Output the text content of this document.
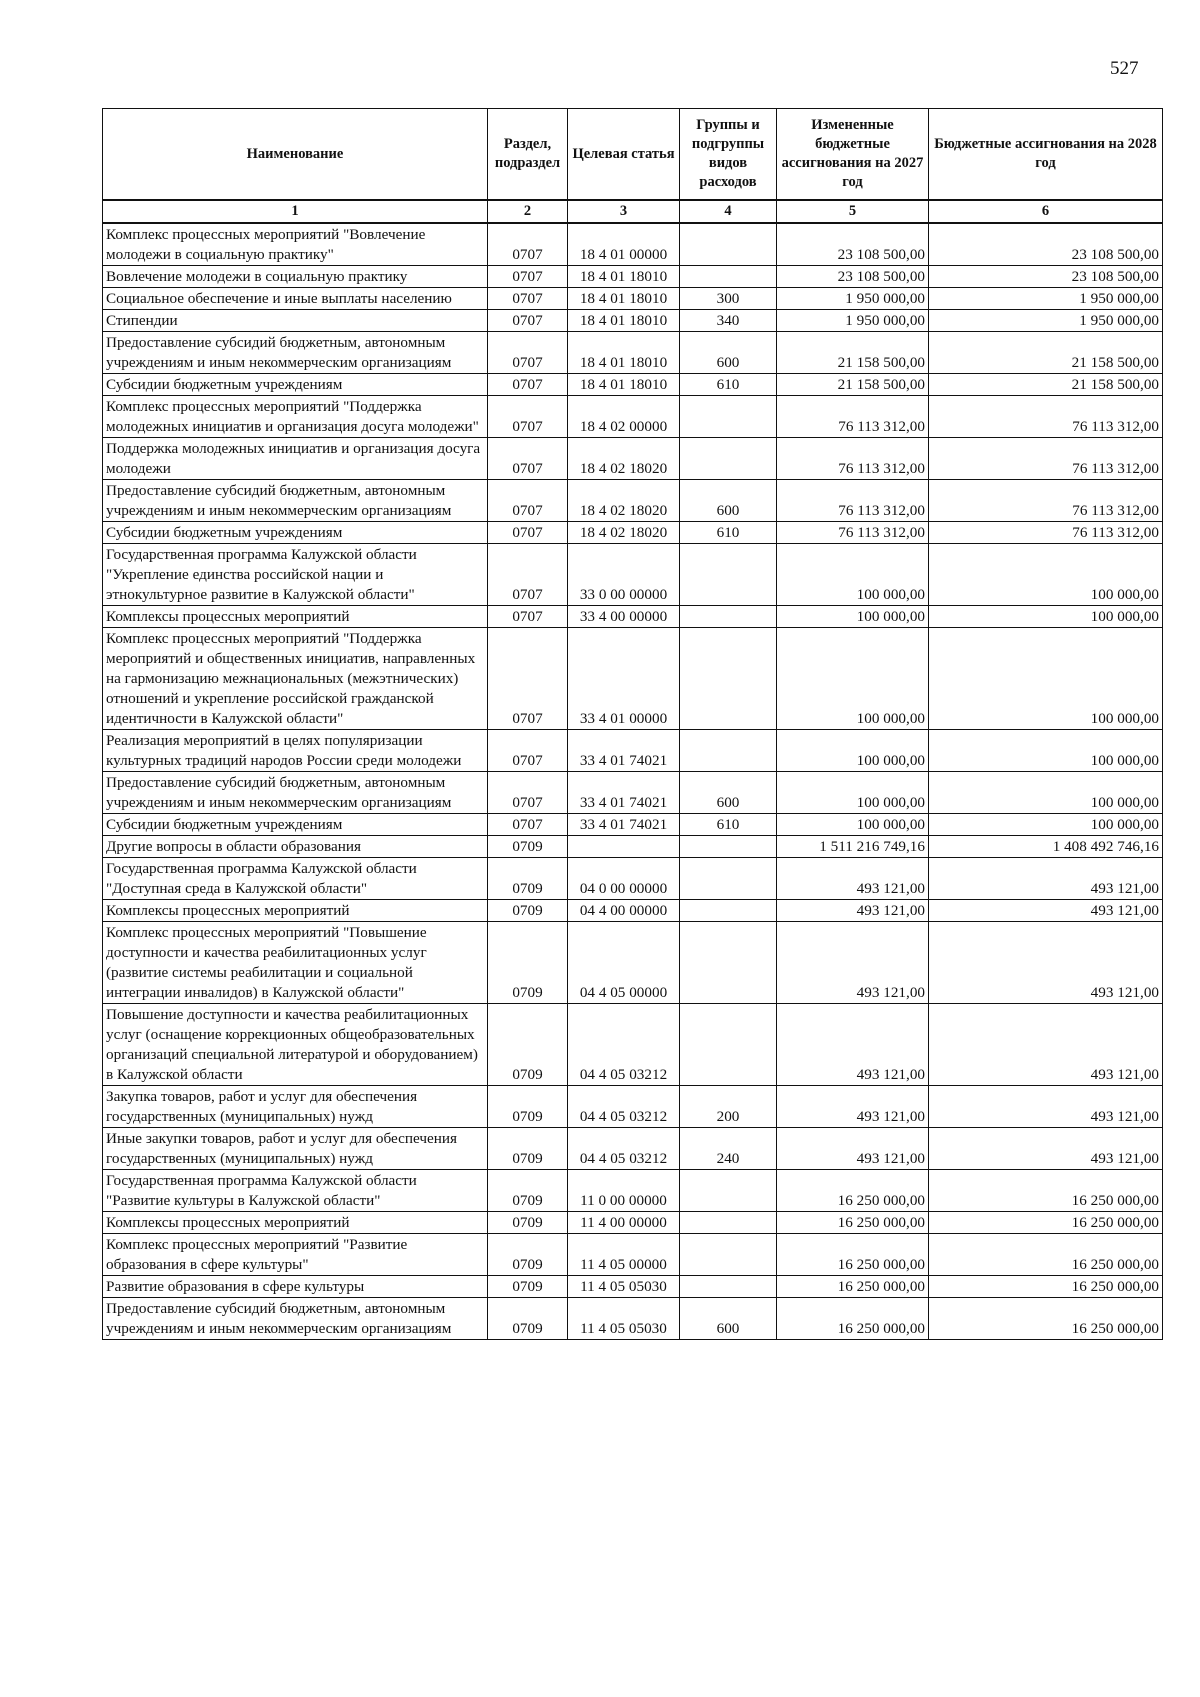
527
Наименование	Раздел, подраздел	Целевая статья	Группы и подгруппы видов расходов	Измененные бюджетные ассигнования на 2027 год	Бюджетные ассигнования на 2028 год
1	2	3	4	5	6
Комплекс процессных мероприятий "Вовлечение молодежи в социальную практику"	0707	18 4 01 00000		23 108 500,00	23 108 500,00
Вовлечение молодежи в социальную практику	0707	18 4 01 18010		23 108 500,00	23 108 500,00
Социальное обеспечение и иные выплаты населению	0707	18 4 01 18010	300	1 950 000,00	1 950 000,00
Стипендии	0707	18 4 01 18010	340	1 950 000,00	1 950 000,00
Предоставление субсидий бюджетным, автономным учреждениям и иным некоммерческим организациям	0707	18 4 01 18010	600	21 158 500,00	21 158 500,00
Субсидии бюджетным учреждениям	0707	18 4 01 18010	610	21 158 500,00	21 158 500,00
Комплекс процессных мероприятий "Поддержка молодежных инициатив и организация досуга молодежи"	0707	18 4 02 00000		76 113 312,00	76 113 312,00
Поддержка молодежных инициатив и организация досуга молодежи	0707	18 4 02 18020		76 113 312,00	76 113 312,00
Предоставление субсидий бюджетным, автономным учреждениям и иным некоммерческим организациям	0707	18 4 02 18020	600	76 113 312,00	76 113 312,00
Субсидии бюджетным учреждениям	0707	18 4 02 18020	610	76 113 312,00	76 113 312,00
Государственная программа Калужской области "Укрепление единства российской нации и этнокультурное развитие в Калужской области"	0707	33 0 00 00000		100 000,00	100 000,00
Комплексы процессных мероприятий	0707	33 4 00 00000		100 000,00	100 000,00
Комплекс процессных мероприятий "Поддержка мероприятий и общественных инициатив, направленных на гармонизацию межнациональных (межэтнических) отношений и укрепление российской гражданской идентичности в Калужской области"	0707	33 4 01 00000		100 000,00	100 000,00
Реализация мероприятий в целях популяризации культурных традиций народов России среди молодежи	0707	33 4 01 74021		100 000,00	100 000,00
Предоставление субсидий бюджетным, автономным учреждениям и иным некоммерческим организациям	0707	33 4 01 74021	600	100 000,00	100 000,00
Субсидии бюджетным учреждениям	0707	33 4 01 74021	610	100 000,00	100 000,00
Другие вопросы в области образования	0709			1 511 216 749,16	1 408 492 746,16
Государственная программа Калужской области "Доступная среда в Калужской области"	0709	04 0 00 00000		493 121,00	493 121,00
Комплексы процессных мероприятий	0709	04 4 00 00000		493 121,00	493 121,00
Комплекс процессных мероприятий "Повышение доступности и качества реабилитационных услуг (развитие системы реабилитации и социальной интеграции инвалидов) в Калужской области"	0709	04 4 05 00000		493 121,00	493 121,00
Повышение доступности и качества реабилитационных услуг (оснащение коррекционных общеобразовательных организаций специальной литературой и оборудованием) в Калужской области	0709	04 4 05 03212		493 121,00	493 121,00
Закупка товаров, работ и услуг для обеспечения государственных (муниципальных) нужд	0709	04 4 05 03212	200	493 121,00	493 121,00
Иные закупки товаров, работ и услуг для обеспечения государственных (муниципальных) нужд	0709	04 4 05 03212	240	493 121,00	493 121,00
Государственная программа Калужской области "Развитие культуры в Калужской области"	0709	11 0 00 00000		16 250 000,00	16 250 000,00
Комплексы процессных мероприятий	0709	11 4 00 00000		16 250 000,00	16 250 000,00
Комплекс процессных мероприятий "Развитие образования в сфере культуры"	0709	11 4 05 00000		16 250 000,00	16 250 000,00
Развитие образования в сфере культуры	0709	11 4 05 05030		16 250 000,00	16 250 000,00
Предоставление субсидий бюджетным, автономным учреждениям и иным некоммерческим организациям	0709	11 4 05 05030	600	16 250 000,00	16 250 000,00
